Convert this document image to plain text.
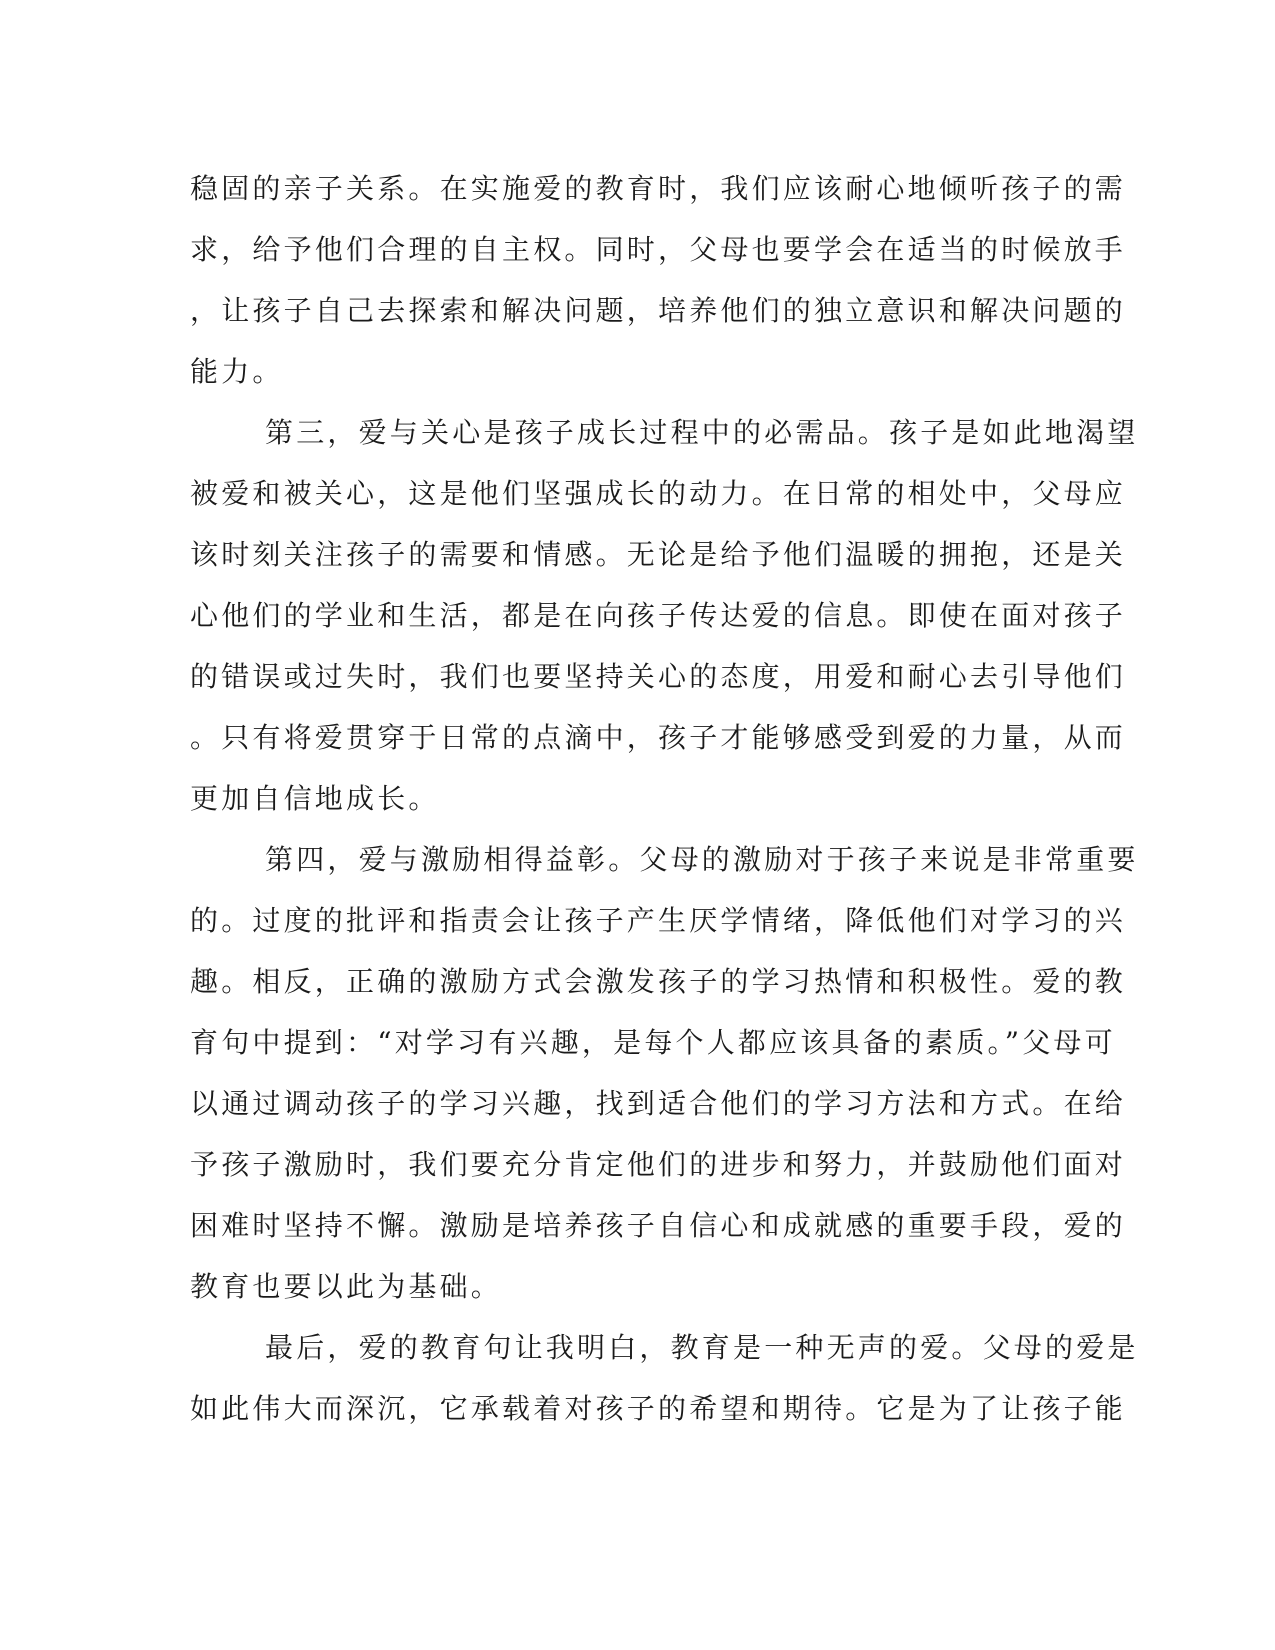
稳固的亲子关系。在实施爱的教育时，我们应该耐心地倾听孩子的需
求，给予他们合理的自主权。同时，父母也要学会在适当的时候放手
，让孩子自己去探索和解决问题，培养他们的独立意识和解决问题的
能力。
第三，爱与关心是孩子成长过程中的必需品。孩子是如此地渴望
被爱和被关心，这是他们坚强成长的动力。在日常的相处中，父母应
该时刻关注孩子的需要和情感。无论是给予他们温暖的拥抱，还是关
心他们的学业和生活，都是在向孩子传达爱的信息。即使在面对孩子
的错误或过失时，我们也要坚持关心的态度，用爱和耐心去引导他们
。只有将爱贯穿于日常的点滴中，孩子才能够感受到爱的力量，从而
更加自信地成长。
第四，爱与激励相得益彰。父母的激励对于孩子来说是非常重要
的。过度的批评和指责会让孩子产生厌学情绪，降低他们对学习的兴
趣。相反，正确的激励方式会激发孩子的学习热情和积极性。爱的教
育句中提到：“对学习有兴趣，是每个人都应该具备的素质。”父母可
以通过调动孩子的学习兴趣，找到适合他们的学习方法和方式。在给
予孩子激励时，我们要充分肯定他们的进步和努力，并鼓励他们面对
困难时坚持不懈。激励是培养孩子自信心和成就感的重要手段，爱的
教育也要以此为基础。
最后，爱的教育句让我明白，教育是一种无声的爱。父母的爱是
如此伟大而深沉，它承载着对孩子的希望和期待。它是为了让孩子能
